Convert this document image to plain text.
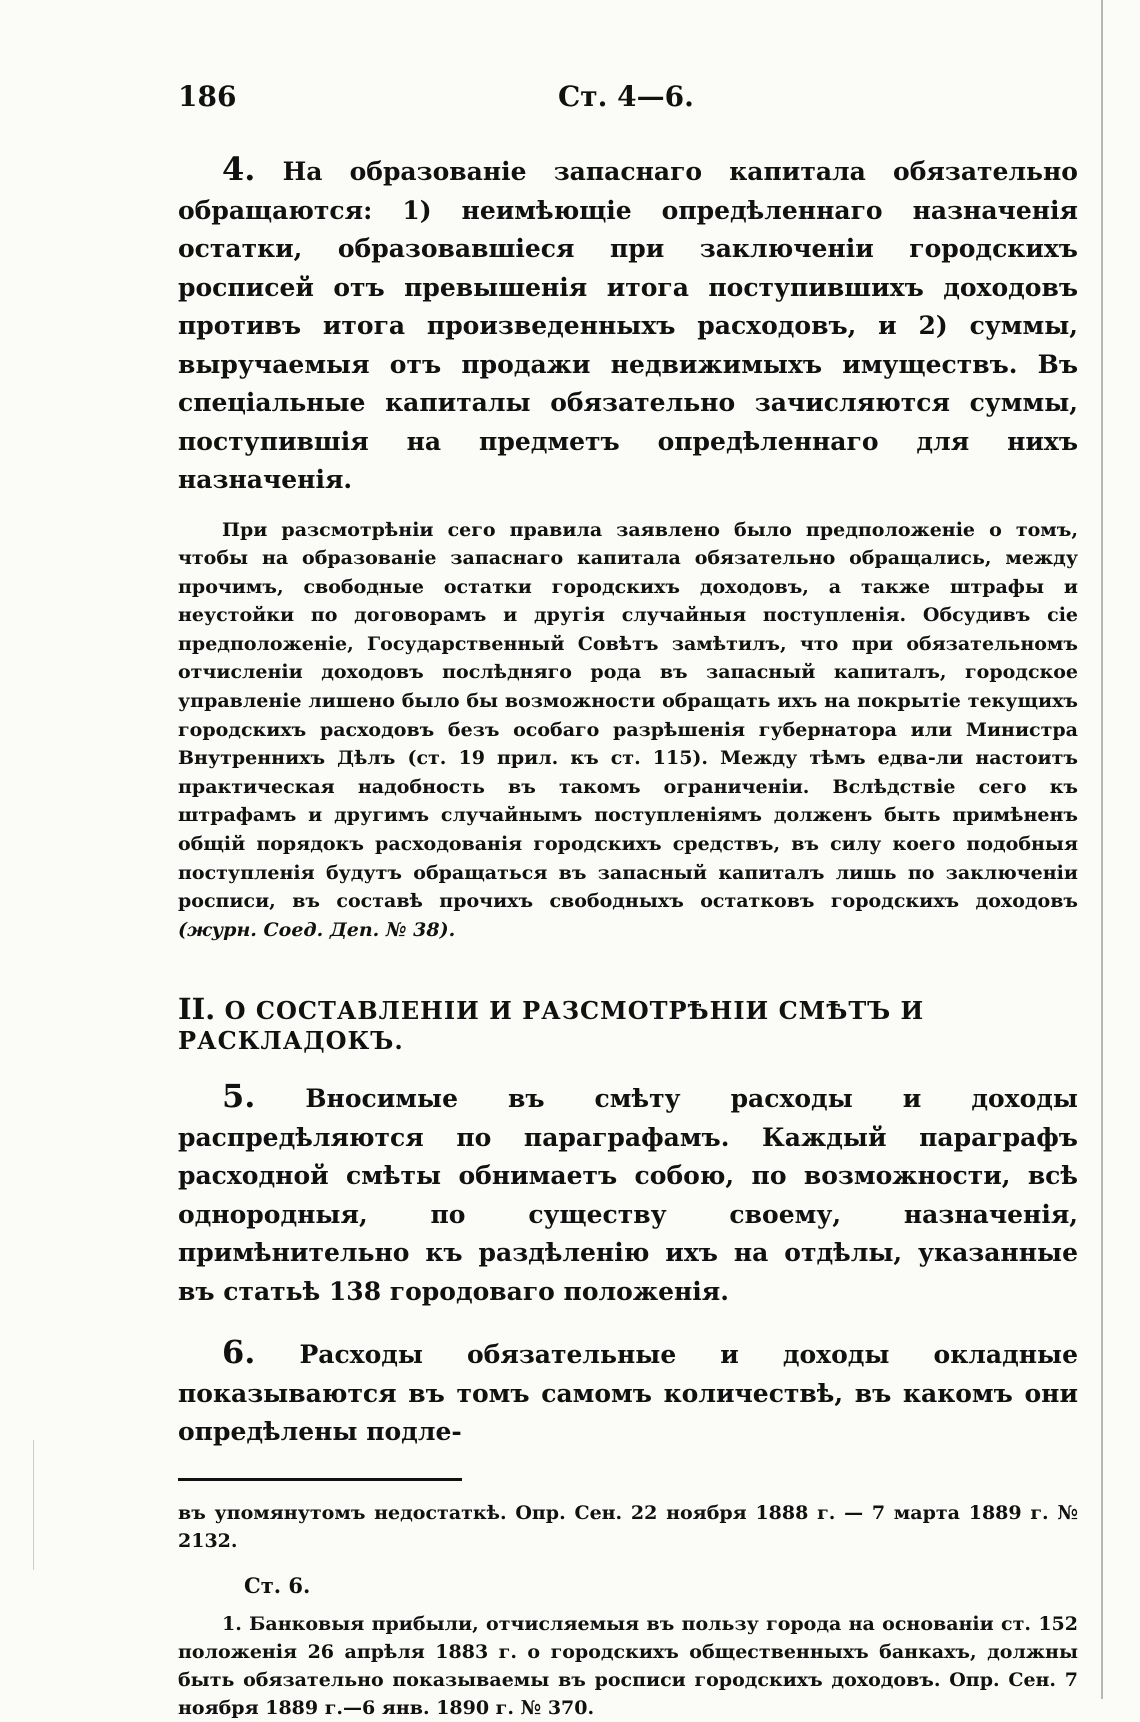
186	Ст. 4—6.
4. На образованіе запаснаго капитала обязательно обращаются: 1) неимѣющіе опредѣленнаго назначенія остатки, образовавшіеся при заключеніи городскихъ росписей отъ превышенія итога поступившихъ доходовъ противъ итога произведенныхъ расходовъ, и 2) суммы, выручаемыя отъ продажи недвижимыхъ имуществъ. Въ спеціальные капиталы обязательно зачисляются суммы, поступившія на предметъ опредѣленнаго для нихъ назначенія.
При разсмотрѣніи сего правила заявлено было предположеніе о томъ, чтобы на образованіе запаснаго капитала обязательно обращались, между прочимъ, свободные остатки городскихъ доходовъ, а также штрафы и неустойки по договорамъ и другія случайныя поступленія. Обсудивъ сіе предположеніе, Государственный Совѣтъ замѣтилъ, что при обязательномъ отчисленіи доходовъ послѣдняго рода въ запасный капиталъ, городское управленіе лишено было бы возможности обращать ихъ на покрытіе текущихъ городскихъ расходовъ безъ особаго разрѣшенія губернатора или Министра Внутреннихъ Дѣлъ (ст. 19 прил. къ ст. 115). Между тѣмъ едва-ли настоитъ практическая надобность въ такомъ ограниченіи. Вслѣдствіе сего къ штрафамъ и другимъ случайнымъ поступленіямъ долженъ быть примѣненъ общій порядокъ расходованія городскихъ средствъ, въ силу коего подобныя поступленія будутъ обращаться въ запасный капиталъ лишь по заключеніи росписи, въ составѣ прочихъ свободныхъ остатковъ городскихъ доходовъ (журн. Соед. Деп. № 38).
II. О СОСТАВЛЕНІИ И РАЗСМОТРѢНІИ СМѢТЪ И РАСКЛАДОКЪ.
5. Вносимые въ смѣту расходы и доходы распредѣляются по параграфамъ. Каждый параграфъ расходной смѣты обнимаетъ собою, по возможности, всѣ однородныя, по существу своему, назначенія, примѣнительно къ раздѣленію ихъ на отдѣлы, указанные въ статьѣ 138 городоваго положенія.
6. Расходы обязательные и доходы окладные показываются въ томъ самомъ количествѣ, въ какомъ они опредѣлены подле-
въ упомянутомъ недостаткѣ. Опр. Сен. 22 ноября 1888 г. — 7 марта 1889 г. № 2132.
Ст. 6.
1. Банковыя прибыли, отчисляемыя въ пользу города на основаніи ст. 152 положенія 26 апрѣля 1883 г. о городскихъ общественныхъ банкахъ, должны быть обязательно показываемы въ росписи городскихъ доходовъ. Опр. Сен. 7 ноября 1889 г.—6 янв. 1890 г. № 370.
